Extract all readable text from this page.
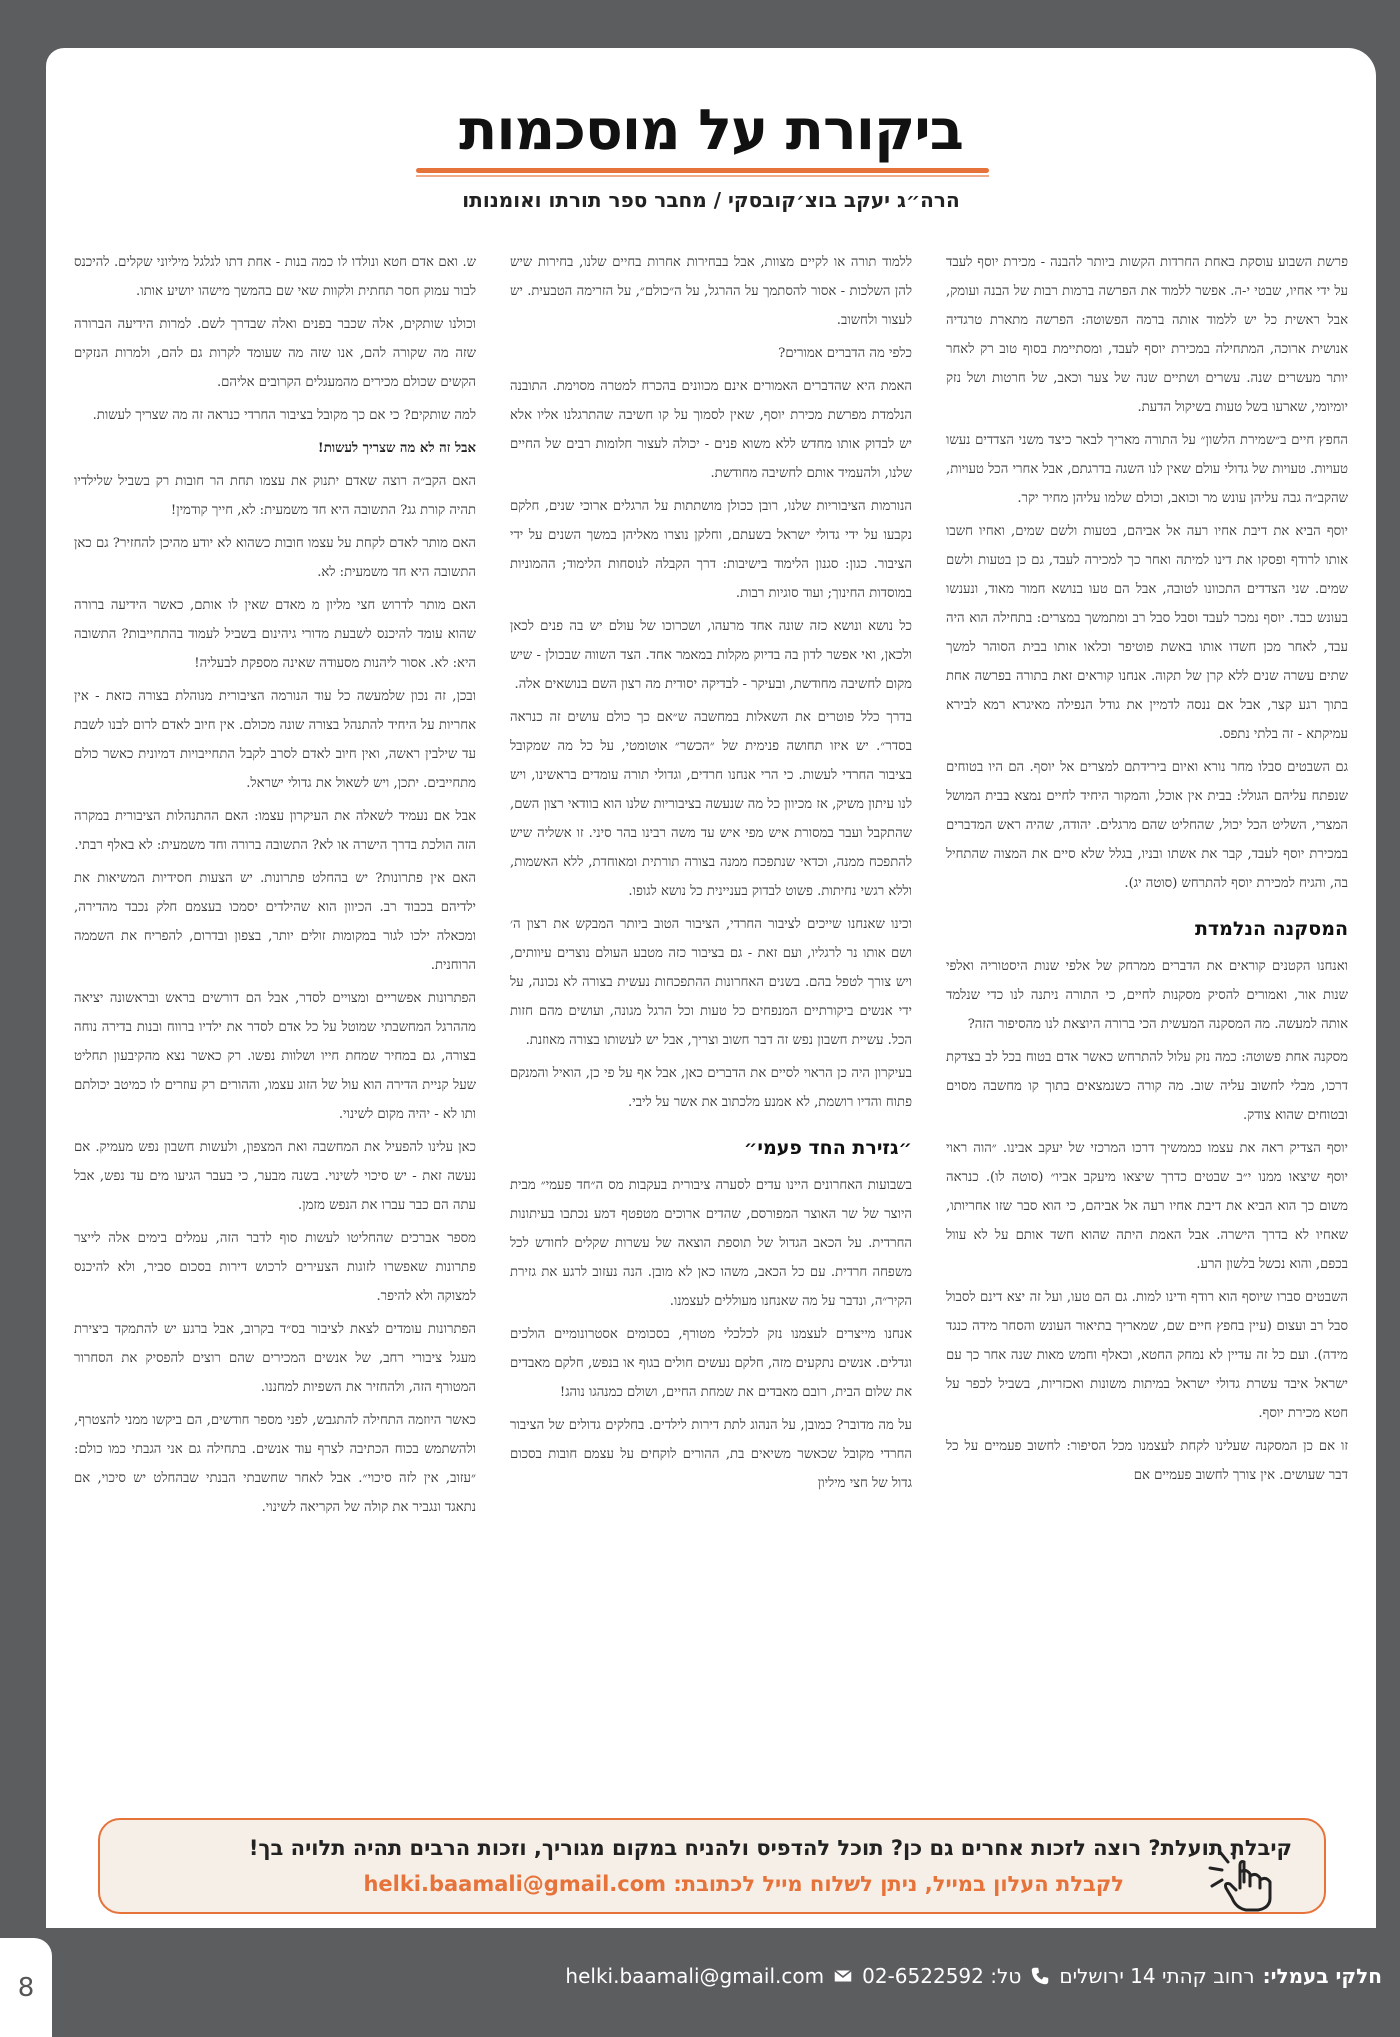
ביקורת על מוסכמות
הרה״ג יעקב בוצ׳קובסקי / מחבר ספר תורתו ואומנותו

פרשת השבוע עוסקת באחת החרדות הקשות ביותר להבנה - מכירת יוסף לעבד על ידי אחיו, שבטי י-ה. אפשר ללמוד את הפרשה ברמות רבות של הבנה ועומק, אבל ראשית כל יש ללמוד אותה ברמה הפשוטה: הפרשה מתארת טרגדיה אנושית ארוכה, המתחילה במכירת יוסף לעבד, ומסתיימת בסוף טוב רק לאחר יותר מעשרים שנה. עשרים ושתיים שנה של צער וכאב, של חרטות ושל נזק יומיומי, שארעו בשל טעות בשיקול הדעת.

החפץ חיים ב״שמירת הלשון״ על התורה מאריך לבאר כיצד משני הצדדים נעשו טעויות. טעויות של גדולי עולם שאין לנו השגה בדרגתם, אבל אחרי הכל טעויות, שהקב״ה גבה עליהן עונש מר וכואב, וכולם שלמו עליהן מחיר יקר.

יוסף הביא את דיבת אחיו רעה אל אביהם, בטעות ולשם שמים, ואחיו חשבו אותו לרודף ופסקו את דינו למיתה ואחר כך למכירה לעבד, גם כן בטעות ולשם שמים. שני הצדדים התכוונו לטובה, אבל הם טעו בנושא חמור מאוד, ונענשו בעונש כבד. יוסף נמכר לעבד וסבל סבל רב ומתמשך במצרים: בתחילה הוא היה עבד, לאחר מכן חשדו אותו באשת פוטיפר וכלאו אותו בבית הסוהר למשך שתים עשרה שנים ללא קרן של תקוה. אנחנו קוראים זאת בתורה בפרשה אחת בתוך רגע קצר, אבל אם ננסה לדמיין את גודל הנפילה מאיגרא רמא לבירא עמיקתא - זה בלתי נתפס.

גם השבטים סבלו מחר נורא ואיום בירידתם למצרים אל יוסף. הם היו בטוחים שנפתח עליהם הגולל: בבית אין אוכל, והמקור היחיד לחיים נמצא בבית המושל המצרי, השליט הכל יכול, שהחליט שהם מרגלים. יהודה, שהיה ראש המדברים במכירת יוסף לעבד, קבר את אשתו ובניו, בגלל שלא סיים את המצוה שהתחיל בה, והגיח למכירת יוסף להתרחש (סוטה יג).

המסקנה הנלמדת

ואנחנו הקטנים קוראים את הדברים ממרחק של אלפי שנות היסטוריה ואלפי שנות אור, ואמורים להסיק מסקנות לחיים, כי התורה ניתנה לנו כדי שנלמד אותה למעשה. מה המסקנה המעשית הכי ברורה היוצאת לנו מהסיפור הזה?

מסקנה אחת פשוטה: כמה נזק עלול להתרחש כאשר אדם בטוח בכל לב בצדקת דרכו, מבלי לחשוב עליה שוב. מה קורה כשנמצאים בתוך קו מחשבה מסוים ובטוחים שהוא צודק.

יוסף הצדיק ראה את עצמו כממשיך דרכו המרכזי של יעקב אבינו. ״הוה ראוי יוסף שיצאו ממנו י״ב שבטים כדרך שיצאו מיעקב אביו״ (סוטה לו). כנראה משום כך הוא הביא את דיבת אחיו רעה אל אביהם, כי הוא סבר שזו אחריותו, שאחיו לא בדרך הישרה. אבל האמת היתה שהוא חשד אותם על לא עוול בכפם, והוא נכשל בלשון הרע.

השבטים סברו שיוסף הוא רודף ודינו למות. גם הם טעו, ועל זה יצא דינם לסבול סבל רב ועצום (עיין בחפץ חיים שם, שמאריך בתיאור העונש והסחר מידה כנגד מידה). ועם כל זה עדיין לא נמחק החטא, וכאלף וחמש מאות שנה אחר כך עם ישראל איבד עשרת גדולי ישראל במיתות משונות ואכזריות, בשביל לכפר על חטא מכירת יוסף.

זו אם כן המסקנה שעלינו לקחת לעצמנו מכל הסיפור: לחשוב פעמיים על כל דבר שעושים. אין צורך לחשוב פעמיים אם

ללמוד תורה או לקיים מצוות, אבל בבחירות אחרות בחיים שלנו, בחירות שיש להן השלכות - אסור להסתמך על ההרגל, על ה״כולם״, על הזרימה הטבעית. יש לעצור ולחשוב.

כלפי מה הדברים אמורים?

האמת היא שהדברים האמורים אינם מכוונים בהכרח למטרה מסוימת. התובנה הנלמדת מפרשת מכירת יוסף, שאין לסמוך על קו חשיבה שהתרגלנו אליו אלא יש לבדוק אותו מחדש ללא משוא פנים - יכולה לעצור חלומות רבים של החיים שלנו, ולהעמיד אותם לחשיבה מחודשת.

הנורמות הציבוריות שלנו, רובן ככולן מושתתות על הרגלים ארוכי שנים, חלקם נקבעו על ידי גדולי ישראל בשעתם, וחלקן נוצרו מאליהן במשך השנים על ידי הציבור. כגון: סגנון הלימוד בישיבות: דרך הקבלה לנוסחות הלימוד; ההמוניות במוסדות החינוך; ועוד סוגיות רבות.

כל נושא ונושא כזה שונה אחד מרעהו, ושכרוכו של עולם יש בה פנים לכאן ולכאן, ואי אפשר לדון בה בדיוק מקלות במאמר אחד. הצד השווה שבכולן - שיש מקום לחשיבה מחודשת, ובעיקר - לבדיקה יסודית מה רצון השם בנושאים אלה.

בדרך כלל פוטרים את השאלות במחשבה ש״אם כך כולם עושים זה כנראה בסדר״. יש איזו תחושה פנימית של ״הכשר״ אוטומטי, על כל מה שמקובל בציבור החרדי לעשות. כי הרי אנחנו חרדים, וגדולי תורה עומדים בראשינו, ויש לנו עיתון משיק, אז מכיוון כל מה שנעשה בציבוריות שלנו הוא בוודאי רצון השם, שהתקבל ועבר במסורת איש מפי איש עד משה רבינו בהר סיני. זו אשליה שיש להתפכח ממנה, וכדאי שנתפכח ממנה בצורה תורתית ומאוחדת, ללא האשמות, וללא רגשי נחיתות. פשוט לבדוק בעניינית כל נושא לגופו.

וכינו שאנחנו שייכים לציבור החרדי, הציבור הטוב ביותר המבקש את רצון ה׳ ושם אותו נר לרגליו, ועם זאת - גם בציבור כזה מטבע העולם נוצרים עיוותים, ויש צורך לטפל בהם. בשנים האחרונות ההתפכחות נעשית בצורה לא נכונה, על ידי אנשים ביקורתיים המנפחים כל טעות וכל הרגל מגונה, ועושים מהם חזות הכל. עשיית חשבון נפש זה דבר חשוב וצריך, אבל יש לעשותו בצורה מאוזנת.

בעיקרון היה כן הראוי לסיים את הדברים כאן, אבל אף על פי כן, הואיל והמנקם פתוח והדיו רושמת, לא אמנע מלכתוב את אשר על ליבי.

״גזירת החד פעמי״

בשבועות האחרונים היינו עדים לסערה ציבורית בעקבות מס ה״חד פעמי״ מבית היוצר של שר האוצר המפורסם, שהדים ארוכים מטפטף דמע נכתבו בעיתונות החרדית. על הכאב הגדול של תוספת הוצאה של עשרות שקלים לחודש לכל משפחה חרדית. עם כל הכאב, משהו כאן לא מובן. הנה נעזוב לרגע את גזירת הקיר״ה, ונדבר על מה שאנחנו מעוללים לעצמנו.

אנחנו מייצרים לעצמנו נזק לכלכלי מטורף, בסכומים אסטרונומיים הולכים וגדלים. אנשים נתקעים מזה, חלקם נעשים חולים בגוף או בנפש, חלקם מאבדים את שלום הבית, רובם מאבדים את שמחת החיים, ושולם כמנהגו נוהג!

על מה מדובר? כמובן, על הנהוג לתת דירות לילדים. בחלקים גדולים של הציבור החרדי מקובל שכאשר משיאים בת, ההורים לוקחים על עצמם חובות בסכום גדול של חצי מיליון

ש. ואם אדם חטא ונולדו לו כמה בנות - אחת דתו לגלגל מיליוני שקלים. להיכנס לבור עמוק חסר תחתית ולקוות שאי שם בהמשך מישהו יושיע אותו.

וכולנו שותקים, אלה שכבר בפנים ואלה שבדרך לשם. למרות הידיעה הברורה שזה מה שקורה להם, אנו שזה מה שעומד לקרות גם להם, ולמרות הנזקים הקשים שכולם מכירים מהמעגלים הקרובים אליהם.

למה שותקים? כי אם כך מקובל בציבור החרדי כנראה זה מה שצריך לעשות.

אבל זה לא מה שצריך לעשות!

האם הקב״ה רוצה שאדם יתנוק את עצמו תחת הר חובות רק בשביל שלילדיו תהיה קורת גג? התשובה היא חד משמעית: לא, חייך קודמין!

האם מותר לאדם לקחת על עצמו חובות כשהוא לא יודע מהיכן להחזיר? גם כאן התשובה היא חד משמעית: לא.

האם מותר לדרוש חצי מליון מ מאדם שאין לו אותם, כאשר הידיעה ברורה שהוא עומד להיכנס לשבעת מדורי גיהינום בשביל לעמוד בהתחייבות? התשובה היא: לא. אסור ליהנות מסעודה שאינה מספקת לבעליה!

ובכן, זה נכון שלמעשה כל עוד הנורמה הציבורית מנוהלת בצורה כזאת - אין אחריות על היחיד להתנהל בצורה שונה מכולם. אין חיוב לאדם לרום לבנו לשבת עד שילבין ראשה, ואין חיוב לאדם לסרב לקבל התחייבויות דמיונית כאשר כולם מתחייבים. יתכן, ויש לשאול את גדולי ישראל.

אבל אם נעמיד לשאלה את העיקרון עצמו: האם ההתנהלות הציבורית במקרה הזה הולכת בדרך הישרה או לא? התשובה ברורה וחד משמעית: לא באלף רבתי.

האם אין פתרונות? יש בהחלט פתרונות. יש הצעות חסידיות המשיאות את ילדיהם בכבוד רב. הכיוון הוא שהילדים יסמכו בעצמם חלק נכבד מהדירה, ומכאלה ילכו לגור במקומות זולים יותר, בצפון ובדרום, להפריח את השממה הרוחנית.

הפתרונות אפשריים ומצויים לסדר, אבל הם דורשים בראש ובראשונה יציאה מההרגל המחשבתי שמוטל על כל אדם לסדר את ילדיו ברווח ובנות בדירה נוחה בצורה, גם במחיר שמחת חייו ושלוות נפשו. רק כאשר נצא מהקיבעון תחליט שעל קניית הדירה הוא עול של הזוג עצמו, וההורים רק עוזרים לו כמיטב יכולתם ותו לא - יהיה מקום לשינוי.

כאן עלינו להפעיל את המחשבה ואת המצפון, ולעשות חשבון נפש מעמיק. אם נעשה זאת - יש סיכוי לשינוי. בשנה מבער, כי בעבר הגיעו מים עד נפש, אבל עתה הם כבר עברו את הנפש מזמן.

מספר אברכים שהחליטו לעשות סוף לדבר הזה, עמלים בימים אלה לייצר פתרונות שאפשרו לזוגות הצעירים לרכוש דירות בסכום סביר, ולא להיכנס למצוקה ולא להיפר.

הפתרונות עומדים לצאת לציבור בס״ד בקרוב, אבל ברגע יש להתמקד ביצירת מעגל ציבורי רחב, של אנשים המכירים שהם רוצים להפסיק את הסחרור המטורף הזה, ולהחזיר את השפיות למחננו.

כאשר היוזמה התחילה להתגבש, לפני מספר חודשים, הם ביקשו ממני להצטרף, ולהשתמש בכוח הכתיבה לצרף עוד אנשים. בתחילה גם אני הגבתי כמו כולם: ״עזוב, אין לזה סיכוי״. אבל לאחר שחשבתי הבנתי שבהחלט יש סיכוי, אם נתאגד ונגביר את קולה של הקריאה לשינוי.

קיבלת תועלת? רוצה לזכות אחרים גם כן? תוכל להדפיס ולהניח במקום מגוריך, וזכות הרבים תהיה תלויה בך!
לקבלת העלון במייל, ניתן לשלוח מייל לכתובת: helki.baamali@gmail.com
8	חלקי בעמלי:
רחוב קהתי 14 ירושלים
טל: 02-6522592
helki.baamali@gmail.com
